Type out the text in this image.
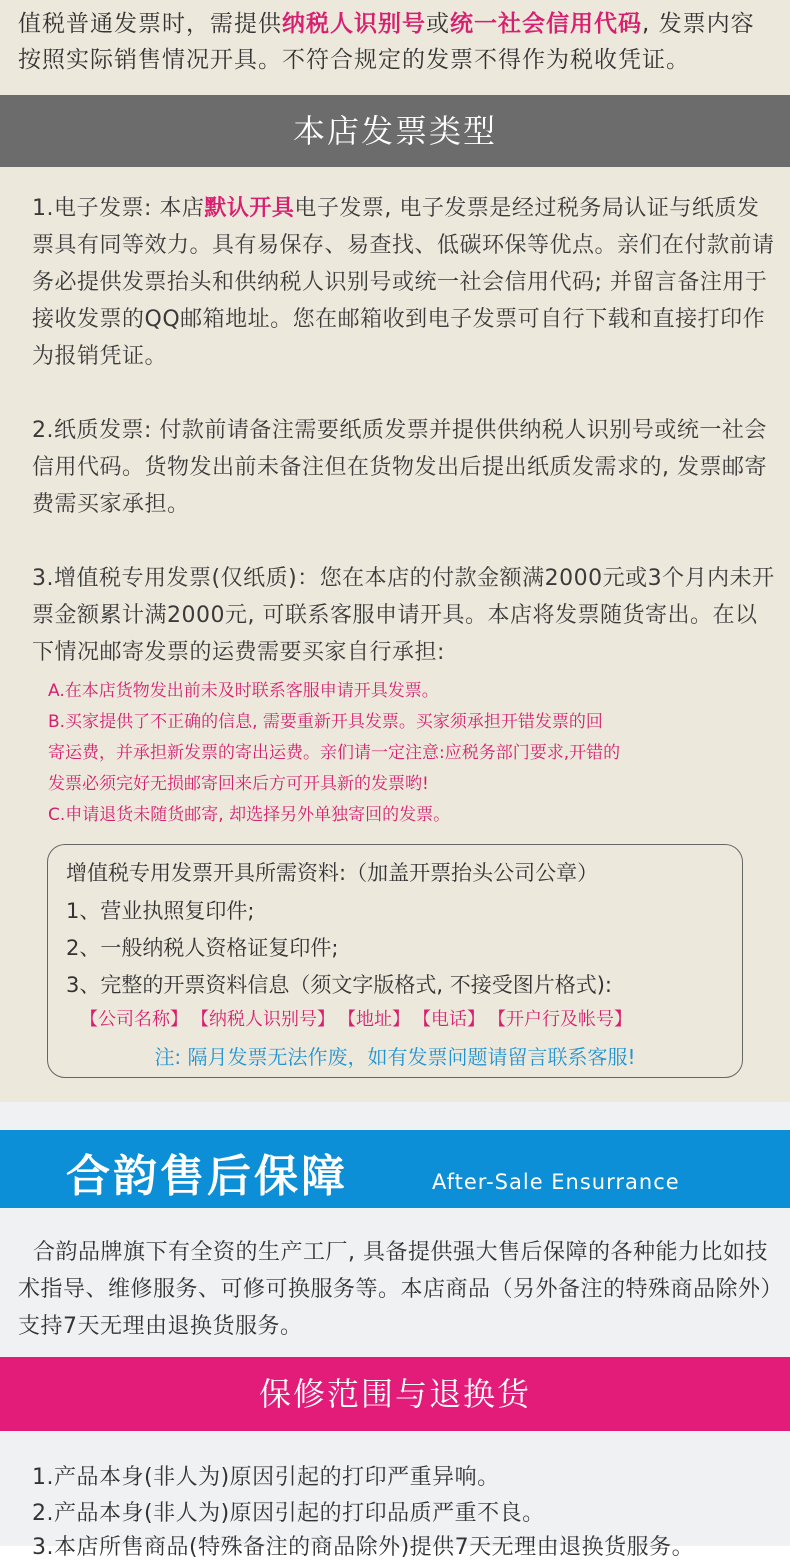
值税普通发票时，需提供纳税人识别号或统一社会信用代码, 发票内容按照实际销售情况开具。不符合规定的发票不得作为税收凭证。
本店发票类型
1.电子发票: 本店默认开具电子发票, 电子发票是经过税务局认证与纸质发票具有同等效力。具有易保存、易查找、低碳环保等优点。亲们在付款前请务必提供发票抬头和供纳税人识别号或统一社会信用代码; 并留言备注用于接收发票的QQ邮箱地址。您在邮箱收到电子发票可自行下载和直接打印作为报销凭证。
2.纸质发票: 付款前请备注需要纸质发票并提供供纳税人识别号或统一社会信用代码。货物发出前未备注但在货物发出后提出纸质发需求的, 发票邮寄费需买家承担。
3.增值税专用发票(仅纸质)：您在本店的付款金额满2000元或3个月内未开票金额累计满2000元, 可联系客服申请开具。本店将发票随货寄出。在以下情况邮寄发票的运费需要买家自行承担:
A.在本店货物发出前未及时联系客服申请开具发票。
B.买家提供了不正确的信息, 需要重新开具发票。买家须承担开错发票的回
寄运费，并承担新发票的寄出运费。亲们请一定注意:应税务部门要求,开错的
发票必须完好无损邮寄回来后方可开具新的发票哟!
C.申请退货未随货邮寄, 却选择另外单独寄回的发票。
增值税专用发票开具所需资料:（加盖开票抬头公司公章）
1、营业执照复印件;
2、一般纳税人资格证复印件;
3、完整的开票资料信息（须文字版格式, 不接受图片格式):
【公司名称】 【纳税人识别号】 【地址】 【电话】 【开户行及帐号】
注: 隔月发票无法作废，如有发票问题请留言联系客服!
合韵售后保障	After-Sale Ensurrance
合韵品牌旗下有全资的生产工厂, 具备提供强大售后保障的各种能力比如技术指导、维修服务、可修可换服务等。本店商品（另外备注的特殊商品除外）支持7天无理由退换货服务。
保修范围与退换货
1.产品本身(非人为)原因引起的打印严重异响。
2.产品本身(非人为)原因引起的打印品质严重不良。
3.本店所售商品(特殊备注的商品除外)提供7天无理由退换货服务。
